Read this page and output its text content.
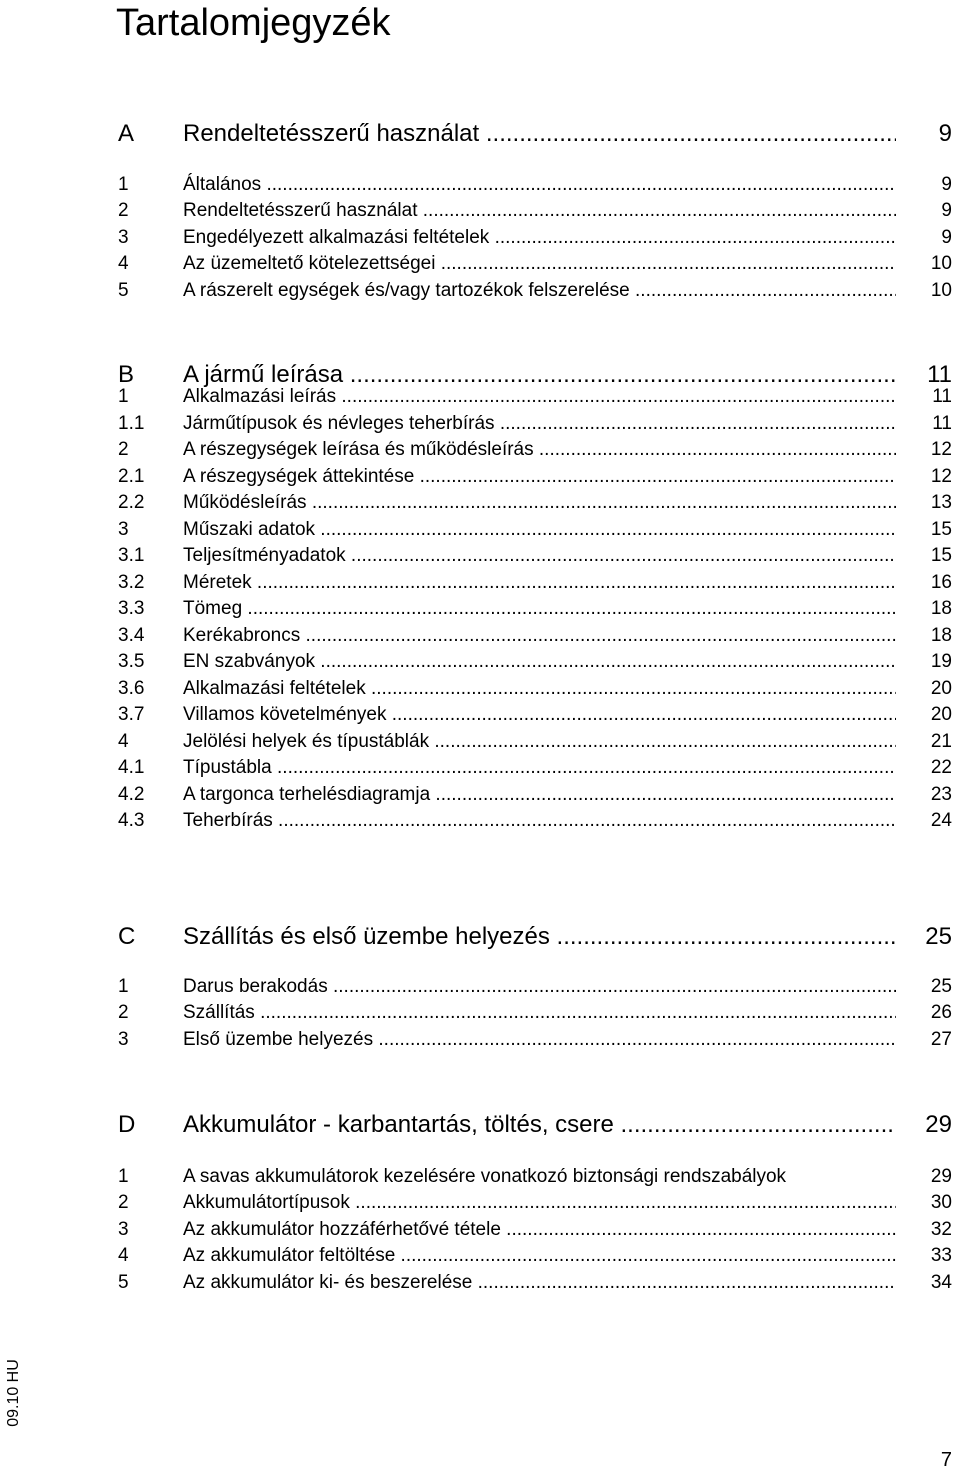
Tartalomjegyzék
A Rendeltetésszerű használat .....	9
1	Általános .....	9
2	Rendeltetésszerű használat .....	9
3	Engedélyezett alkalmazási feltételek .....	9
4	Az üzemeltető kötelezettségei .....	10
5	A rászerelt egységek és/vagy tartozékok felszerelése .....	10
B A jármű leírása .....	11
1	Alkalmazási leírás .....	11
1.1 Járműtípusok és névleges teherbírás .....	11
2	A részegységek leírása és működésleírás .....	12
2.1 A részegységek áttekintése .....	12
2.2 Működésleírás .....	13
3	Műszaki adatok .....	15
3.1 Teljesítményadatok .....	15
3.2 Méretek .....	16
3.3 Tömeg .....	18
3.4 Kerékabroncs .....	18
3.5 EN szabványok .....	19
3.6 Alkalmazási feltételek .....	20
3.7 Villamos követelmények .....	20
4	Jelölési helyek és típustáblák .....	21
4.1 Típustábla .....	22
4.2 A targonca terhelésdiagramja .....	23
4.3 Teherbírás .....	24
C Szállítás és első üzembe helyezés .....	25
1	Darus berakodás .....	25
2	Szállítás .....	26
3	Első üzembe helyezés .....	27
D Akkumulátor - karbantartás, töltés, csere .....	29
1	A savas akkumulátorok kezelésére vonatkozó biztonsági rendszabályok	29
2	Akkumulátortípusok .....	30
3	Az akkumulátor hozzáférhetővé tétele .....	32
4	Az akkumulátor feltöltése .....	33
5	Az akkumulátor ki- és beszerelése .....	34
09.10 HU
7
